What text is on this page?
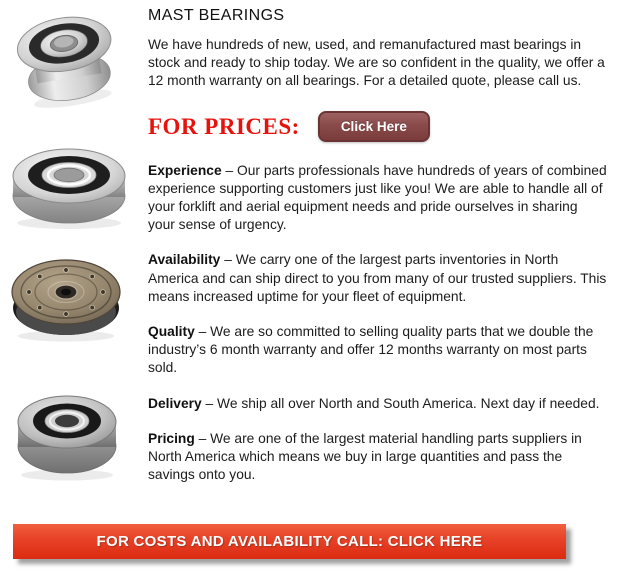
MAST BEARINGS

We have hundreds of new, used, and remanufactured mast bearings in stock and ready to ship today. We are so confident in the quality, we offer a 12 month warranty on all bearings. For a detailed quote, please call us.

FOR PRICES:	Click Here

Experience – Our parts professionals have hundreds of years of combined experience supporting customers just like you! We are able to handle all of your forklift and aerial equipment needs and pride ourselves in sharing your sense of urgency.

Availability – We carry one of the largest parts inventories in North America and can ship direct to you from many of our trusted suppliers. This means increased uptime for your fleet of equipment.

Quality – We are so committed to selling quality parts that we double the industry’s 6 month warranty and offer 12 months warranty on most parts sold.

Delivery – We ship all over North and South America. Next day if needed.

Pricing – We are one of the largest material handling parts suppliers in North America which means we buy in large quantities and pass the savings onto you.

FOR COSTS AND AVAILABILITY CALL: CLICK HERE
